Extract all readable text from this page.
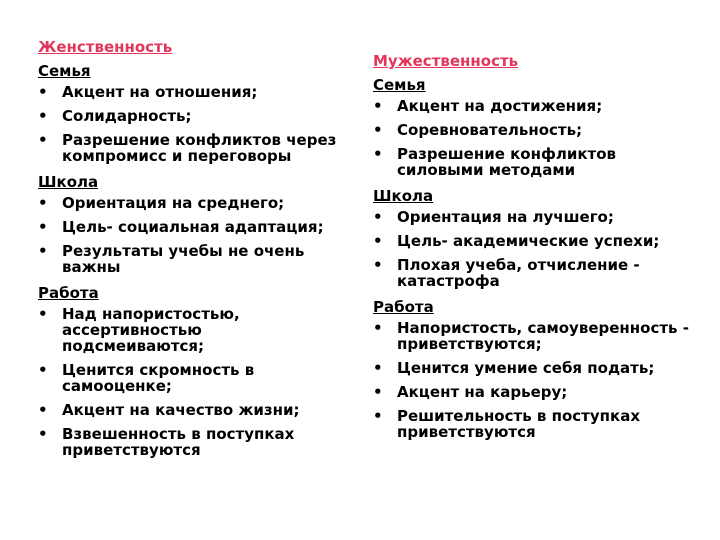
Женственность
Семья
• Акцент на отношения;
• Солидарность;
• Разрешение конфликтов через компромисс и переговоры
Школа
• Ориентация на среднего;
• Цель- социальная адаптация;
• Результаты учебы не очень важны
Работа
• Над напористостью, ассертивностью подсмеиваются;
• Ценится скромность в самооценке;
• Акцент на качество жизни;
• Взвешенность в поступках приветствуются
Мужественность
Семья
• Акцент на достижения;
• Соревновательность;
• Разрешение конфликтов силовыми методами
Школа
• Ориентация на лучшего;
• Цель- академические успехи;
• Плохая учеба, отчисление - катастрофа
Работа
• Напористость, самоуверенность - приветствуются;
• Ценится умение себя подать;
• Акцент на карьеру;
• Решительность в поступках приветствуются
